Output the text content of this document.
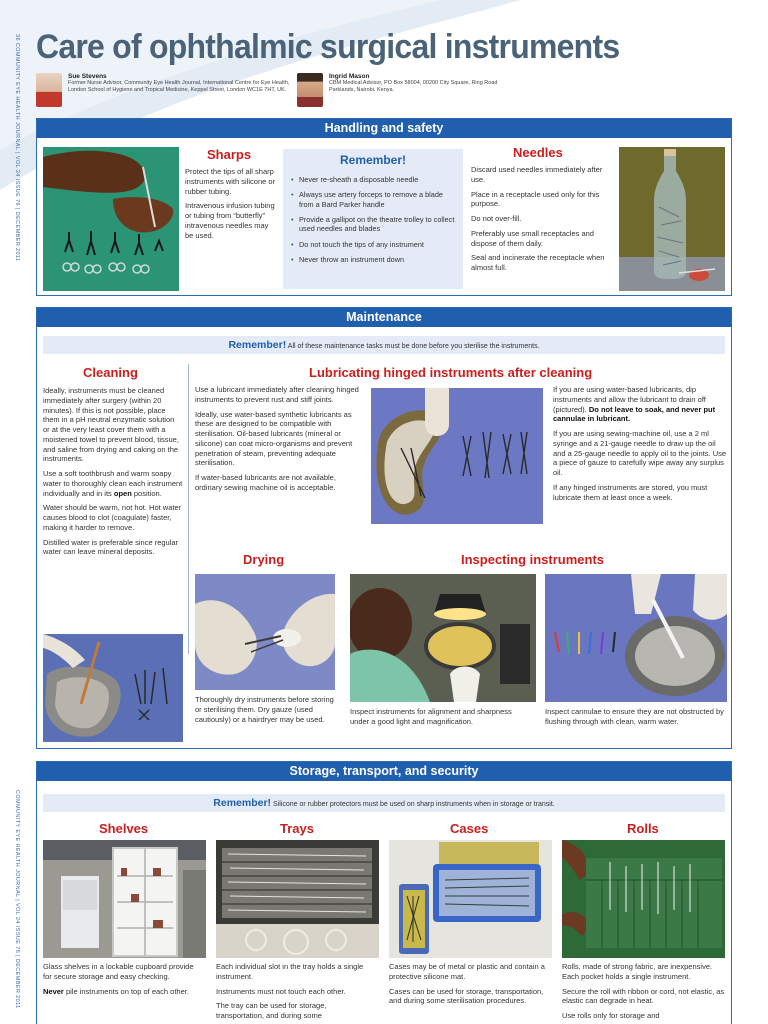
36 COMMUNITY EYE HEALTH JOURNAL | VOL 24 ISSUE 76 | DECEMBER 2011
COMMUNITY EYE HEALTH JOURNAL | VOL 24 ISSUE 76 | DECEMBER 2011
Care of ophthalmic surgical instruments
Sue Stevens
Former Nurse Advisor, Community Eye Health Journal, International Centre for Eye Health, London School of Hygiene and Tropical Medicine, Keppel Street, London WC1E 7HT, UK.
Ingrid Mason
CBM Medical Advisor, PO Box 58004, 00200 City Square, Ring Road Parklands, Nairobi, Kenya.
Handling and safety
Sharps

Protect the tips of all sharp instruments with silicone or rubber tubing.

Intravenous infusion tubing or tubing from “butterfly” intravenous needles may be used.

Remember!
• Never re-sheath a disposable needle
• Always use artery forceps to remove a blade from a Bard Parker handle
• Provide a gallipot on the theatre trolley to collect used needles and blades
• Do not touch the tips of any instrument
• Never throw an instrument down
Needles

Discard used needles immediately after use.

Place in a receptacle used only for this purpose.

Do not over-fill.

Preferably use small receptacles and dispose of them daily.

Seal and incinerate the receptacle when almost full.

Maintenance
Remember! All of these maintenance tasks must be done before you sterilise the instruments.
Cleaning

Ideally, instruments must be cleaned immediately after surgery (within 20 minutes). If this is not possible, place them in a pH neutral enzymatic solution or at the very least cover them with a moistened towel to prevent blood, tissue, and saline from drying and caking on the instruments.

Use a soft toothbrush and warm soapy water to thoroughly clean each instrument individually and in its open position.

Water should be warm, not hot. Hot water causes blood to clot (coagulate) faster, making it harder to remove.

Distilled water is preferable since regular water can leave mineral deposits.

Lubricating hinged instruments after cleaning

Use a lubricant immediately after cleaning hinged instruments to prevent rust and stiff joints.

Ideally, use water-based synthetic lubricants as these are designed to be compatible with sterilisation. Oil-based lubricants (mineral or silicone) can coat micro-organisms and prevent penetration of steam, preventing adequate sterilisation.

If water-based lubricants are not available, ordinary sewing machine oil is acceptable.

If you are using water-based lubricants, dip instruments and allow the lubricant to drain off (pictured). Do not leave to soak, and never put cannulae in lubricant.

If you are using sewing-machine oil, use a 2 ml syringe and a 21-gauge needle to draw up the oil and a 25-gauge needle to apply oil to the joints. Use a piece of gauze to carefully wipe away any surplus oil.

If any hinged instruments are stored, you must lubricate them at least once a week.

Drying
Thoroughly dry instruments before storing or sterilising them. Dry gauze (used cautiously) or a hairdryer may be used.
Inspecting instruments
Inspect instruments for alignment and sharpness under a good light and magnification.
Inspect cannulae to ensure they are not obstructed by flushing through with clean, warm water.
Storage, transport, and security
Remember! Silicone or rubber protectors must be used on sharp instruments when in storage or transit.
Shelves

Glass shelves in a lockable cupboard provide for secure storage and easy checking.

Never pile instruments on top of each other.

Trays

Each individual slot in the tray holds a single instrument.

Instruments must not touch each other.

The tray can be used for storage, transportation, and during some

Cases

Cases may be of metal or plastic and contain a protective silicone mat.

Cases can be used for storage, transportation, and during some sterilisation procedures.

Rolls

Rolls, made of strong fabric, are inexpensive. Each pocket holds a single instrument.

Secure the roll with ribbon or cord, not elastic, as elastic can degrade in heat.

Use rolls only for storage and
